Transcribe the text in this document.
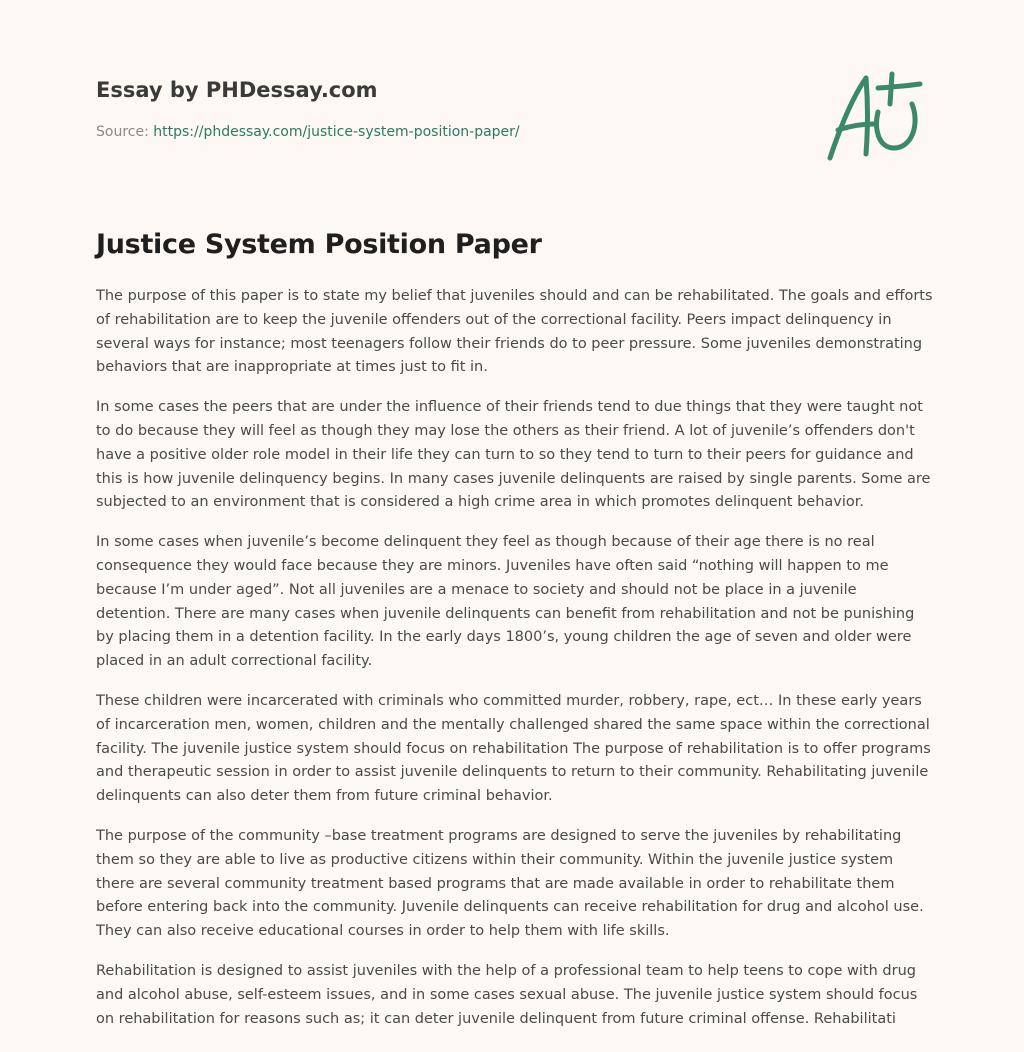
Essay by PHDessay.com
Source: https://phdessay.com/justice-system-position-paper/
Justice System Position Paper

The purpose of this paper is to state my belief that juveniles should and can be rehabilitated. The goals and efforts of rehabilitation are to keep the juvenile offenders out of the correctional facility. Peers impact delinquency in several ways for instance; most teenagers follow their friends do to peer pressure. Some juveniles demonstrating behaviors that are inappropriate at times just to fit in.

In some cases the peers that are under the influence of their friends tend to due things that they were taught not to do because they will feel as though they may lose the others as their friend. A lot of juvenile’s offenders don't have a positive older role model in their life they can turn to so they tend to turn to their peers for guidance and this is how juvenile delinquency begins. In many cases juvenile delinquents are raised by single parents. Some are subjected to an environment that is considered a high crime area in which promotes delinquent behavior.

In some cases when juvenile’s become delinquent they feel as though because of their age there is no real consequence they would face because they are minors. Juveniles have often said “nothing will happen to me because I’m under aged”. Not all juveniles are a menace to society and should not be place in a juvenile detention. There are many cases when juvenile delinquents can benefit from rehabilitation and not be punishing by placing them in a detention facility. In the early days 1800’s, young children the age of seven and older were placed in an adult correctional facility.

These children were incarcerated with criminals who committed murder, robbery, rape, ect… In these early years of incarceration men, women, children and the mentally challenged shared the same space within the correctional facility. The juvenile justice system should focus on rehabilitation The purpose of rehabilitation is to offer programs and therapeutic session in order to assist juvenile delinquents to return to their community. Rehabilitating juvenile delinquents can also deter them from future criminal behavior.

The purpose of the community –base treatment programs are designed to serve the juveniles by rehabilitating them so they are able to live as productive citizens within their community. Within the juvenile justice system there are several community treatment based programs that are made available in order to rehabilitate them before entering back into the community. Juvenile delinquents can receive rehabilitation for drug and alcohol use. They can also receive educational courses in order to help them with life skills.

Rehabilitation is designed to assist juveniles with the help of a professional team to help teens to cope with drug and alcohol abuse, self-esteem issues, and in some cases sexual abuse. The juvenile justice system should focus on rehabilitation for reasons such as; it can deter juvenile delinquent from future criminal offense. Rehabilitati
